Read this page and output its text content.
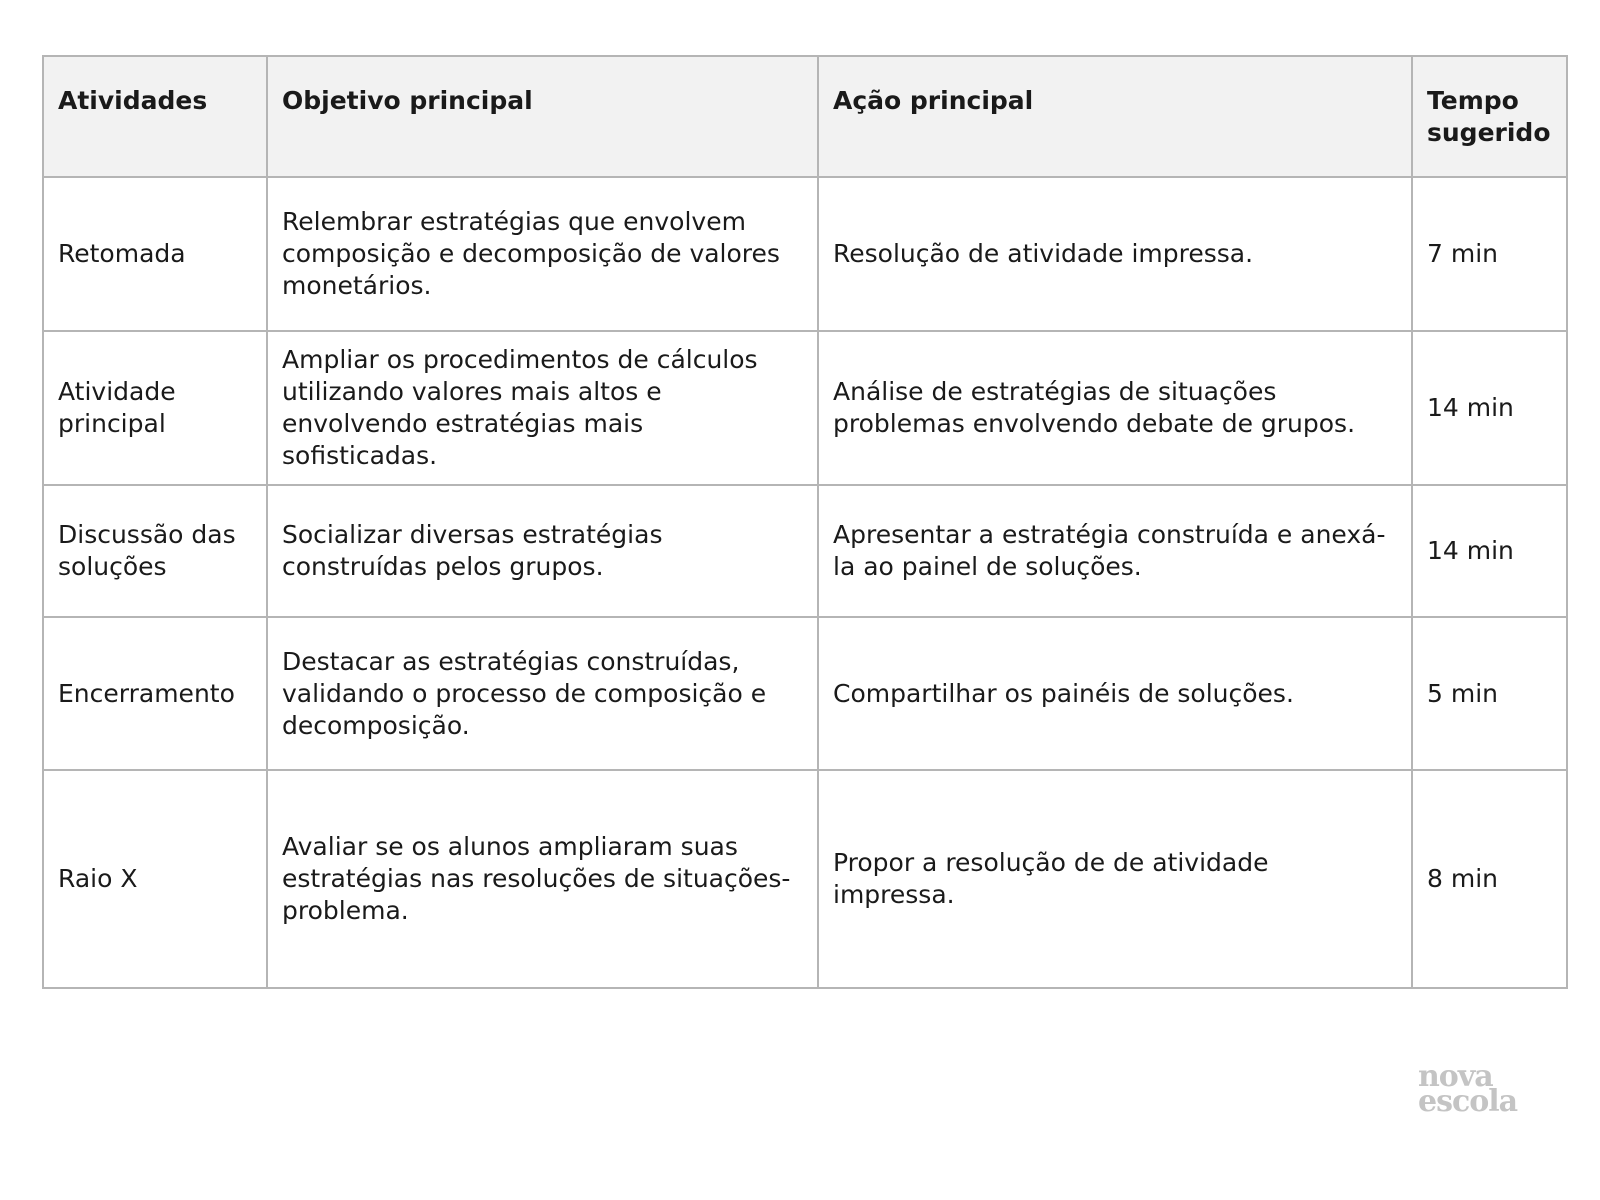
Atividades	Objetivo principal	Ação principal	Tempo sugerido
Retomada	Relembrar estratégias que envolvem composição e decomposição de valores monetários.	Resolução de atividade impressa.	7 min
Atividade principal	Ampliar os procedimentos de cálculos utilizando valores mais altos e envolvendo estratégias mais sofisticadas.	Análise de estratégias de situações problemas envolvendo debate de grupos.	14 min
Discussão das soluções	Socializar diversas estratégias construídas pelos grupos.	Apresentar a estratégia construída e anexá-la ao painel de soluções.	14 min
Encerramento	Destacar as estratégias construídas, validando o processo de composição e decomposição.	Compartilhar os painéis de soluções.	5 min
Raio X	Avaliar se os alunos ampliaram suas estratégias nas resoluções de situações-problema.	Propor a resolução de de atividade impressa.	8 min
nova
escola
